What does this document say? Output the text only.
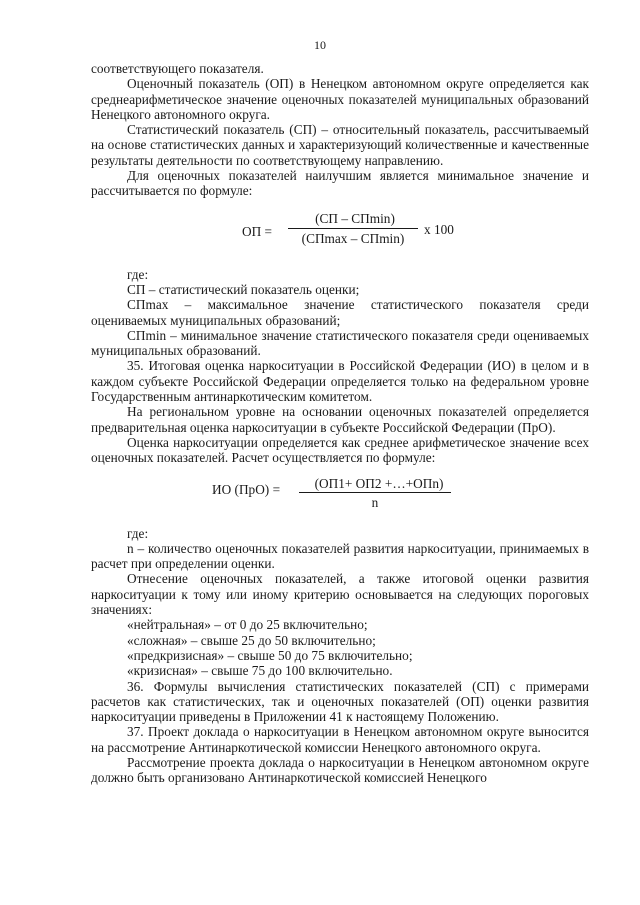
10

соответствующего показателя.

Оценочный показатель (ОП) в Ненецком автономном округе определяется как среднеарифметическое значение оценочных показателей муниципальных образований Ненецкого автономного округа.

Статистический показатель (СП) – относительный показатель, рассчитываемый на основе статистических данных и характеризующий количественные и качественные результаты деятельности по соответствующему направлению.

Для оценочных показателей наилучшим является минимальное значение и рассчитывается по формуле:

ОП =
(СП – СПmin)
(СПmax – СПmin)
х 100

где:

СП – статистический показатель оценки;

СПmax – максимальное значение статистического показателя среди оцениваемых муниципальных образований;

СПmin – минимальное значение статистического показателя среди оцениваемых муниципальных образований.

35. Итоговая оценка наркоситуации в Российской Федерации (ИО) в целом и в каждом субъекте Российской Федерации определяется только на федеральном уровне Государственным антинаркотическим комитетом.

На региональном уровне на основании оценочных показателей определяется предварительная оценка наркоситуации в субъекте Российской Федерации (ПрО).

Оценка наркоситуации определяется как среднее арифметическое значение всех оценочных показателей. Расчет осуществляется по формуле:

ИО (ПрО) =	(ОП1+ ОП2 +…+ОПn)
n

где:

n – количество оценочных показателей развития наркоситуации, принимаемых в расчет при определении оценки.

Отнесение оценочных показателей, а также итоговой оценки развития наркоситуации к тому или иному критерию основывается на следующих пороговых значениях:

«нейтральная» – от 0 до 25 включительно;

«сложная» – свыше 25 до 50 включительно;

«предкризисная» – свыше 50 до 75 включительно;

«кризисная» – свыше 75 до 100 включительно.

36. Формулы вычисления статистических показателей (СП) с примерами расчетов как статистических, так и оценочных показателей (ОП) оценки развития наркоситуации приведены в Приложении 41 к настоящему Положению.

37. Проект доклада о наркоситуации в Ненецком автономном округе выносится на рассмотрение Антинаркотической комиссии Ненецкого автономного округа.

Рассмотрение проекта доклада о наркоситуации в Ненецком автономном округе должно быть организовано Антинаркотической комиссией Ненецкого
